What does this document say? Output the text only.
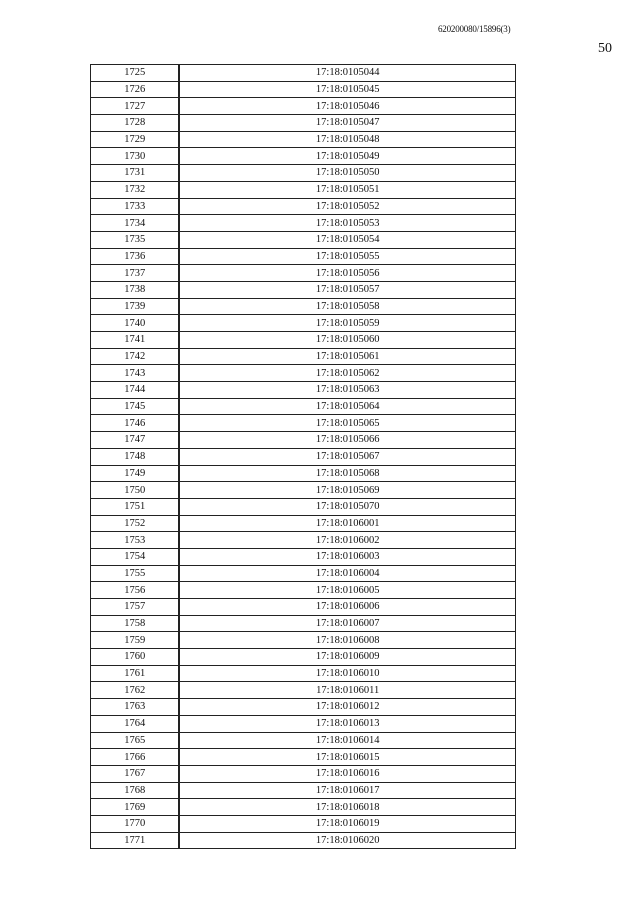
620200080/15896(3)
50
1725	17:18:0105044
1726	17:18:0105045
1727	17:18:0105046
1728	17:18:0105047
1729	17:18:0105048
1730	17:18:0105049
1731	17:18:0105050
1732	17:18:0105051
1733	17:18:0105052
1734	17:18:0105053
1735	17:18:0105054
1736	17:18:0105055
1737	17:18:0105056
1738	17:18:0105057
1739	17:18:0105058
1740	17:18:0105059
1741	17:18:0105060
1742	17:18:0105061
1743	17:18:0105062
1744	17:18:0105063
1745	17:18:0105064
1746	17:18:0105065
1747	17:18:0105066
1748	17:18:0105067
1749	17:18:0105068
1750	17:18:0105069
1751	17:18:0105070
1752	17:18:0106001
1753	17:18:0106002
1754	17:18:0106003
1755	17:18:0106004
1756	17:18:0106005
1757	17:18:0106006
1758	17:18:0106007
1759	17:18:0106008
1760	17:18:0106009
1761	17:18:0106010
1762	17:18:0106011
1763	17:18:0106012
1764	17:18:0106013
1765	17:18:0106014
1766	17:18:0106015
1767	17:18:0106016
1768	17:18:0106017
1769	17:18:0106018
1770	17:18:0106019
1771	17:18:0106020
